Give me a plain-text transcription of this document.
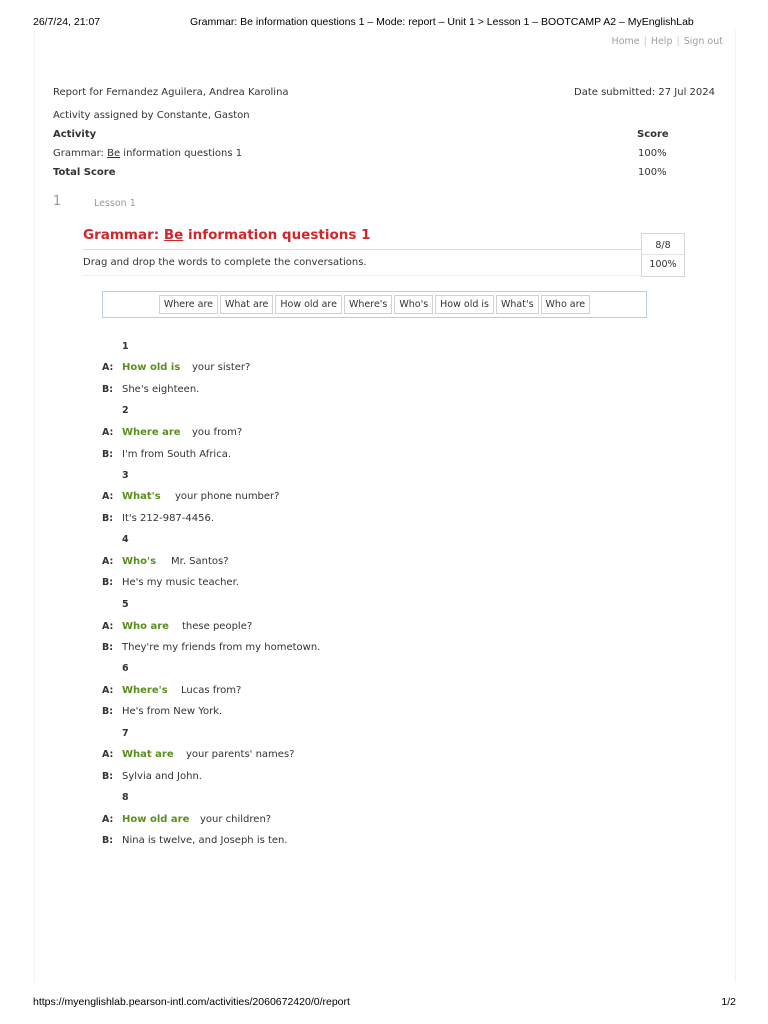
26/7/24, 21:07	Grammar: Be information questions 1 – Mode: report – Unit 1 > Lesson 1 – BOOTCAMP A2 – MyEnglishLab
Home | Help | Sign out
Report for Fernandez Aguilera, Andrea Karolina	Date submitted: 27 Jul 2024
Activity assigned by Constante, Gaston
Activity	Score
Grammar: Be information questions 1	100%
Total Score	100%
1	Lesson 1
Grammar: Be information questions 1
8/8
100%
Drag and drop the words to complete the conversations.
Where are	What are	How old are	Where's	Who's	How old is	What's	Who are
1
A: How old is your sister?
B: She's eighteen.
2
A: Where are you from?
B: I'm from South Africa.
3
A: What's your phone number?
B: It's 212-987-4456.
4
A: Who's Mr. Santos?
B: He's my music teacher.
5
A: Who are these people?
B: They're my friends from my hometown.
6
A: Where's Lucas from?
B: He's from New York.
7
A: What are your parents' names?
B: Sylvia and John.
8
A: How old are your children?
B: Nina is twelve, and Joseph is ten.
https://myenglishlab.pearson-intl.com/activities/2060672420/0/report	1/2
